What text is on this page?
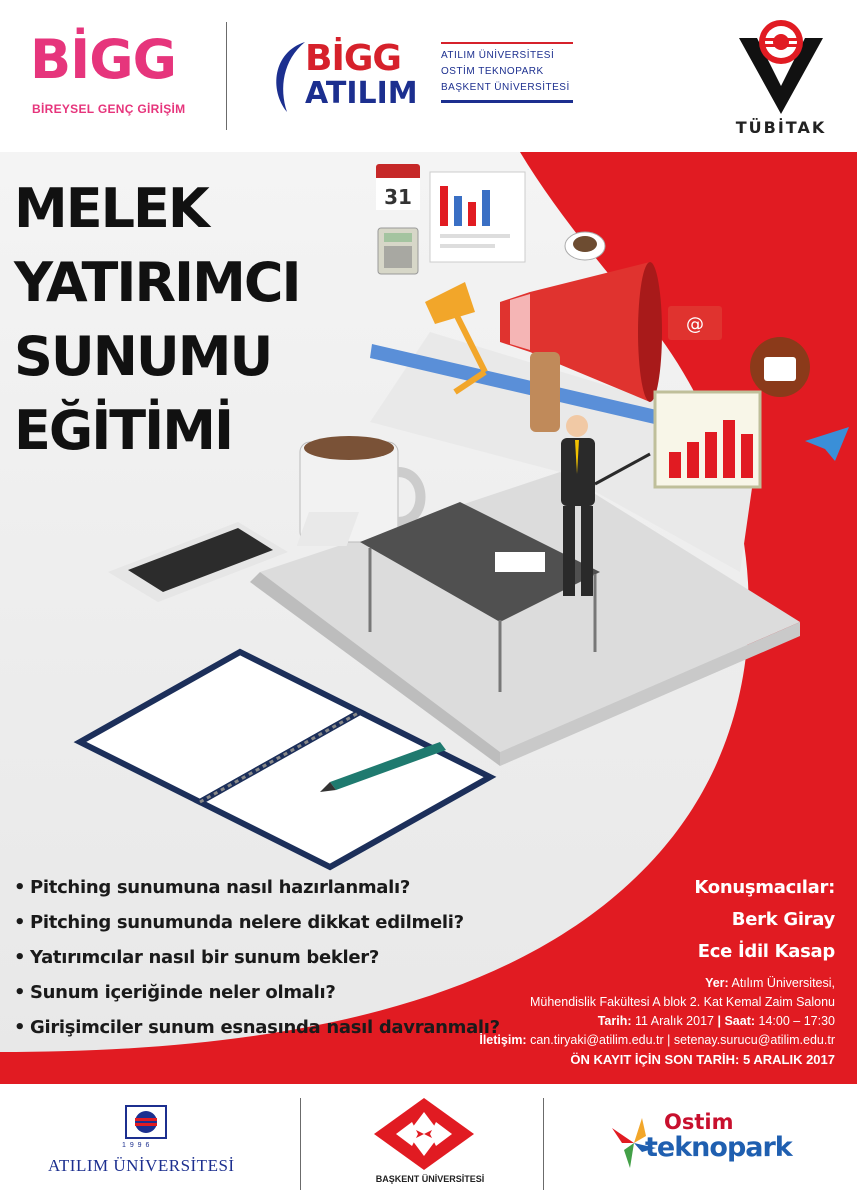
BİGG
BİREYSEL GENÇ GİRİŞİM
BİGG
ATILIM
ATILIM ÜNİVERSİTESİ
OSTİM TEKNOPARK
BAŞKENT ÜNİVERSİTESİ
TÜBİTAK
31
@
MELEK
YATIRIMCI
SUNUMU
EĞİTİMİ
• Pitching sunumuna nasıl hazırlanmalı?
• Pitching sunumunda nelere dikkat edilmeli?
• Yatırımcılar nasıl bir sunum bekler?
• Sunum içeriğinde neler olmalı?
• Girişimciler sunum esnasında nasıl davranmalı?
Konuşmacılar:
Berk Giray
Ece İdil Kasap
Yer: Atılım Üniversitesi,
Mühendislik Fakültesi A blok 2. Kat Kemal Zaim Salonu
Tarih: 11 Aralık 2017 | Saat: 14:00 – 17:30
İletişim: can.tiryaki@atilim.edu.tr | setenay.surucu@atilim.edu.tr
ÖN KAYIT İÇİN SON TARİH: 5 ARALIK 2017
1 9 9 6
ATILIM ÜNİVERSİTESİ
BAŞKENT ÜNİVERSİTESİ
Ostim
teknopark
